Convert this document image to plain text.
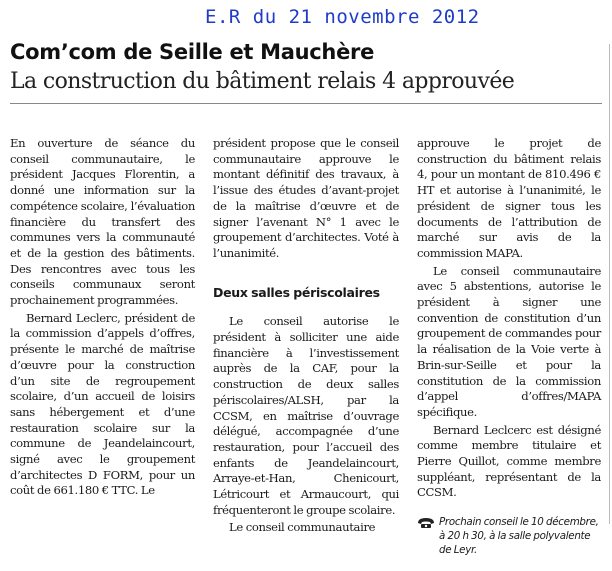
E.R du 21 novembre 2012
Com’com de Seille et Mauchère
La construction du bâtiment relais 4 approuvée

En ouverture de séance du conseil communautaire, le président Jacques Florentin, a donné une information sur la compétence scolaire, l’évaluation financière du transfert des communes vers la communauté et de la gestion des bâtiments. Des rencontres avec tous les conseils communaux seront prochainement programmées.

Bernard Leclerc, président de la commission d’appels d’offres, présente le marché de maîtrise d’œuvre pour la construction d’un site de regroupement scolaire, d’un accueil de loisirs sans hébergement et d’une restauration scolaire sur la commune de Jeandelaincourt, signé avec le groupement d’architectes D FORM, pour un coût de 661.180 € TTC. Le

président propose que le conseil communautaire approuve le montant définitif des travaux, à l’issue des études d’avant-projet de la maîtrise d’œuvre et de signer l’avenant N° 1 avec le groupement d’architectes. Voté à l’unanimité.

Deux salles périscolaires

Le conseil autorise le président à solliciter une aide financière à l’investissement auprès de la CAF, pour la construction de deux salles périscolaires/ALSH, par la CCSM, en maîtrise d’ouvrage délégué, accompagnée d’une restauration, pour l’accueil des enfants de Jeandelaincourt, Arraye-et-Han, Chenicourt, Létricourt et Armaucourt, qui fréquenteront le groupe scolaire.

Le conseil communautaire

approuve le projet de construction du bâtiment relais 4, pour un montant de 810.496 € HT et autorise à l’unanimité, le président de signer tous les documents de l’attribution de marché sur avis de la commission MAPA.

Le conseil communautaire avec 5 abstentions, autorise le président à signer une convention de constitution d’un groupement de commandes pour la réalisation de la Voie verte à Brin-sur-Seille et pour la constitution de la commission d’appel d’offres/MAPA spécifique.

Bernard Leclcerc est désigné comme membre titulaire et Pierre Quillot, comme membre suppléant, représentant de la CCSM.

Prochain conseil le 10 décembre, à 20 h 30, à la salle polyvalente de Leyr.
